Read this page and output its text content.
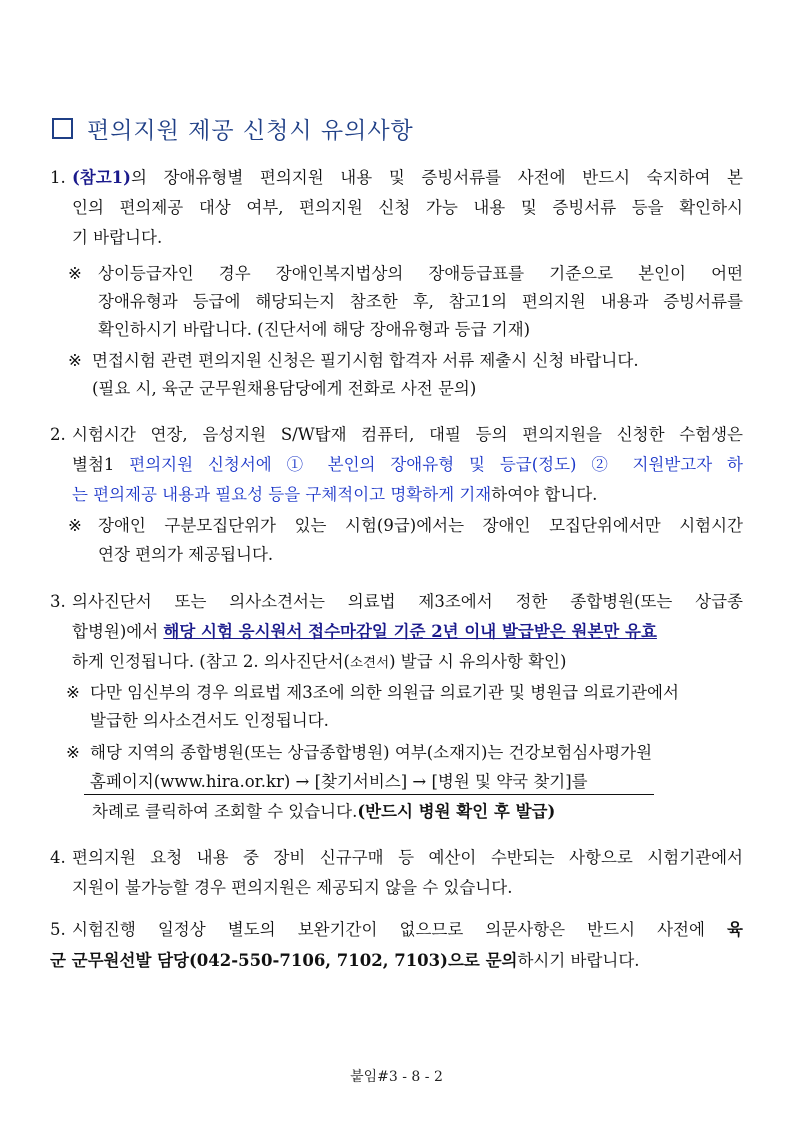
편의지원 제공 신청시 유의사항
1. (참고1)의 장애유형별 편의지원 내용 및 증빙서류를 사전에 반드시 숙지하여 본
인의 편의제공 대상 여부, 편의지원 신청 가능 내용 및 증빙서류 등을 확인하시
기 바랍니다.
※ 상이등급자인 경우 장애인복지법상의 장애등급표를 기준으로 본인이 어떤
장애유형과 등급에 해당되는지 참조한 후, 참고1의 편의지원 내용과 증빙서류를
확인하시기 바랍니다. (진단서에 해당 장애유형과 등급 기재)
※ 면접시험 관련 편의지원 신청은 필기시험 합격자 서류 제출시 신청 바랍니다.
(필요 시, 육군 군무원채용담당에게 전화로 사전 문의)
2. 시험시간 연장, 음성지원 S/W탑재 컴퓨터, 대필 등의 편의지원을 신청한 수험생은
별첨1 편의지원 신청서에 ① 본인의 장애유형 및 등급(정도) ② 지원받고자 하
는 편의제공 내용과 필요성 등을 구체적이고 명확하게 기재하여야 합니다.
※ 장애인 구분모집단위가 있는 시험(9급)에서는 장애인 모집단위에서만 시험시간
연장 편의가 제공됩니다.
3. 의사진단서 또는 의사소견서는 의료법 제3조에서 정한 종합병원(또는 상급종
합병원)에서 해당 시험 응시원서 접수마감일 기준 2년 이내 발급받은 원본만 유효
하게 인정됩니다. (참고 2. 의사진단서(소견서) 발급 시 유의사항 확인)
※ 다만 임신부의 경우 의료법 제3조에 의한 의원급 의료기관 및 병원급 의료기관에서
발급한 의사소견서도 인정됩니다.
※ 해당 지역의 종합병원(또는 상급종합병원) 여부(소재지)는 건강보험심사평가원
홈페이지(www.hira.or.kr) → [찾기서비스] → [병원 및 약국 찾기]를
차례로 클릭하여 조회할 수 있습니다.(반드시 병원 확인 후 발급)
4. 편의지원 요청 내용 중 장비 신규구매 등 예산이 수반되는 사항으로 시험기관에서
지원이 불가능할 경우 편의지원은 제공되지 않을 수 있습니다.
5. 시험진행 일정상 별도의 보완기간이 없으므로 의문사항은 반드시 사전에 육
군 군무원선발 담당(042-550-7106, 7102, 7103)으로 문의하시기 바랍니다.
붙임#3 - 8 - 2
